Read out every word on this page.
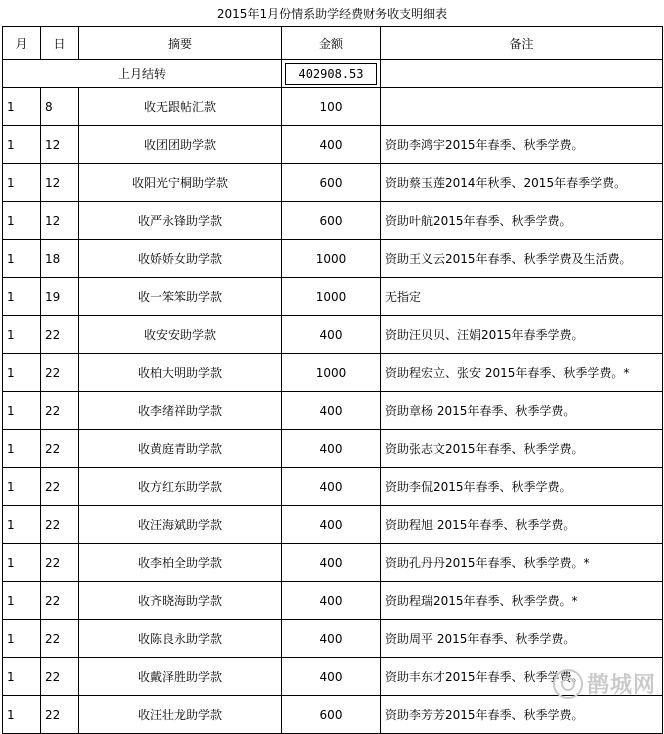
2015年1月份情系助学经费财务收支明细表
月	日	摘要	金额	备注
上月结转			402908.53	

1	8	收无跟帖汇款	100	
1	12	收团团助学款	400	资助李鸿宇2015年春季、秋季学费。
1	12	收阳光宁桐助学款	600	资助蔡玉莲2014年秋季、2015年春季学费。
1	12	收严永锋助学款	600	资助叶航2015年春季、秋季学费。
1	18	收娇娇女助学款	1000	资助王义云2015年春季、秋季学费及生活费。
1	19	收一笨笨助学款	1000	无指定
1	22	收安安助学款	400	资助汪贝贝、汪娟2015年春季学费。
1	22	收柏大明助学款	1000	资助程宏立、张安 2015年春季、秋季学费。*
1	22	收李绪祥助学款	400	资助章杨 2015年春季、秋季学费。
1	22	收黄庭青助学款	400	资助张志文2015年春季、秋季学费。
1	22	收方红东助学款	400	资助李侃2015年春季、秋季学费。
1	22	收汪海斌助学款	400	资助程旭 2015年春季、秋季学费。
1	22	收李柏全助学款	400	资助孔丹丹2015年春季、秋季学费。*
1	22	收齐晓海助学款	400	资助程瑞2015年春季、秋季学费。*
1	22	收陈良永助学款	400	资助周平 2015年春季、秋季学费。
1	22	收戴泽胜助学款	400	资助丰东才2015年春季、秋季学费。
1	22	收汪壮龙助学款	600	资助李芳芳2015年春季、秋季学费。
鹊城网
